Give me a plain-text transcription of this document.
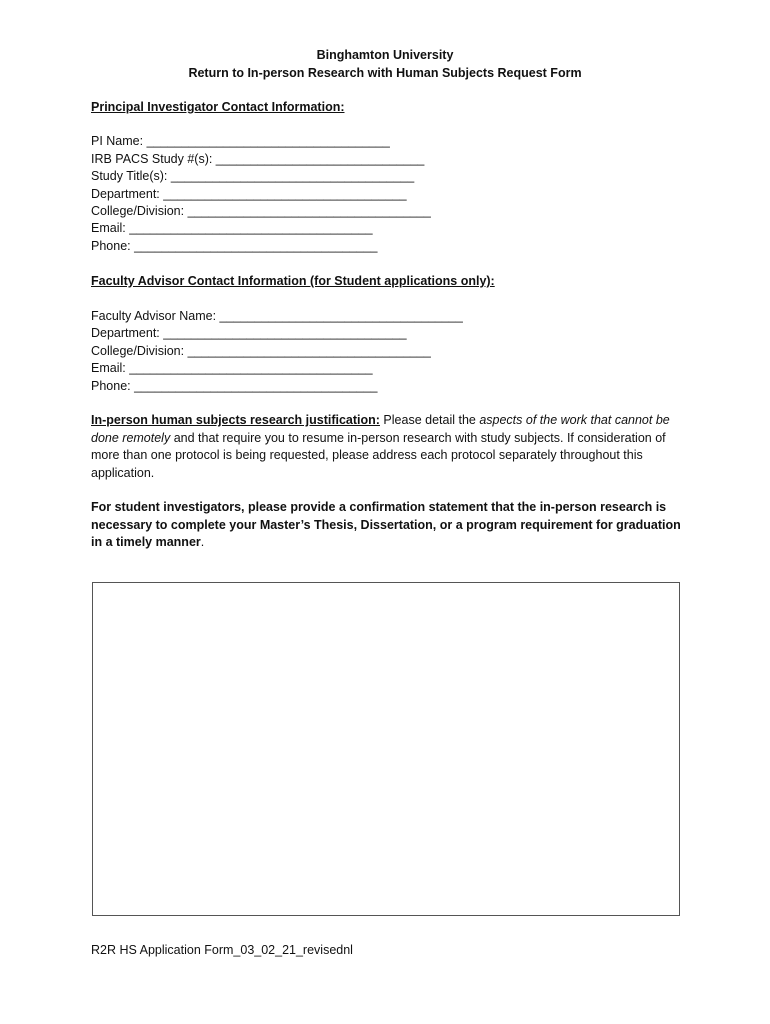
Binghamton University
Return to In-person Research with Human Subjects Request Form
Principal Investigator Contact Information:
PI Name: ___________________________________
IRB PACS Study #(s): ______________________________
Study Title(s): ___________________________________
Department: ___________________________________
College/Division: ___________________________________
Email: ___________________________________
Phone: ___________________________________
Faculty Advisor Contact Information (for Student applications only):
Faculty Advisor Name: ___________________________________
Department: ___________________________________
College/Division: ___________________________________
Email: ___________________________________
Phone: ___________________________________
In-person human subjects research justification: Please detail the aspects of the work that cannot be done remotely and that require you to resume in-person research with study subjects. If consideration of more than one protocol is being requested, please address each protocol separately throughout this application.
For student investigators, please provide a confirmation statement that the in-person research is necessary to complete your Master’s Thesis, Dissertation, or a program requirement for graduation in a timely manner.
R2R HS Application Form_03_02_21_revisednl
